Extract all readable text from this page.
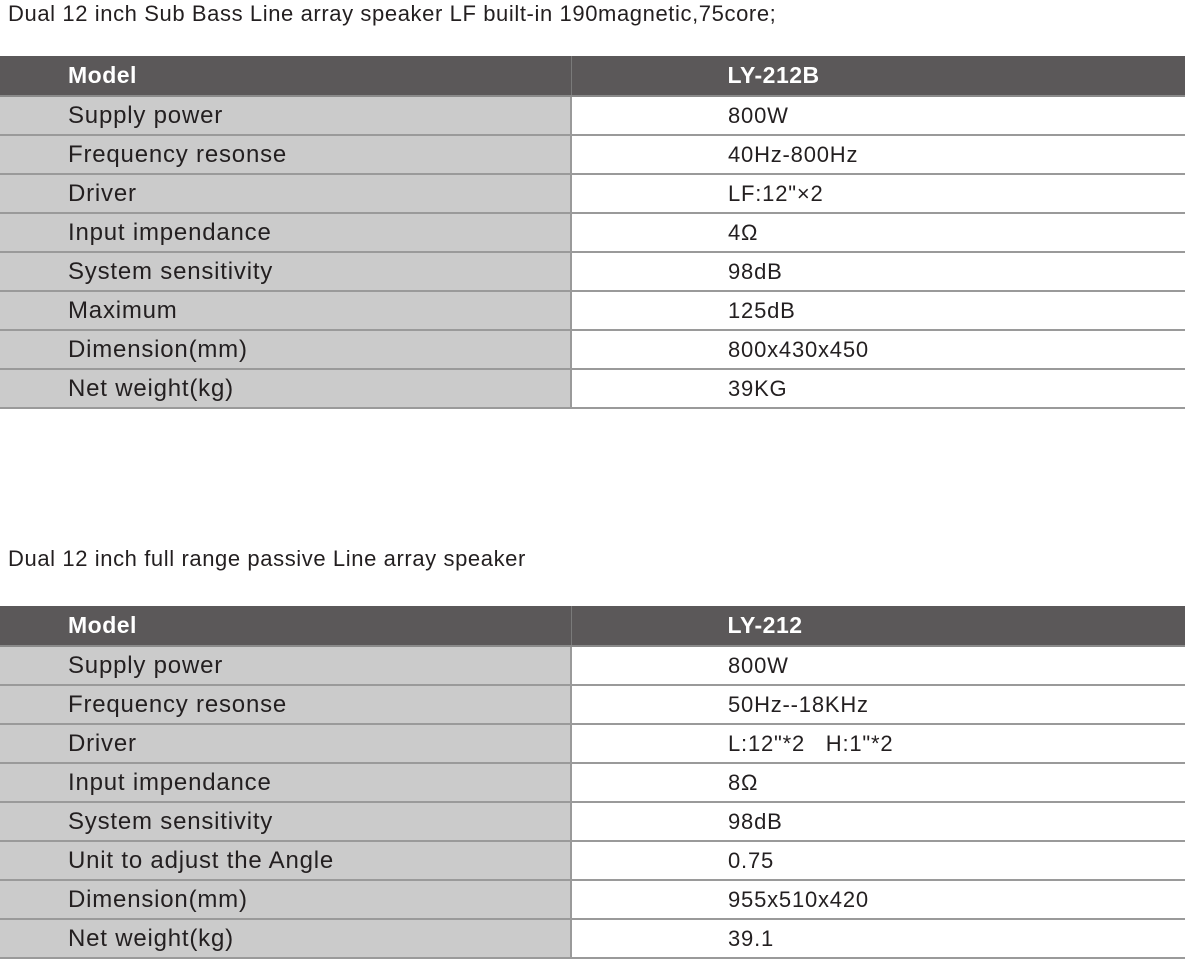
Dual 12 inch Sub Bass Line array speaker LF built-in 190magnetic,75core;
Model	LY-212B
Supply power	800W
Frequency resonse	40Hz-800Hz
Driver	LF:12"×2
Input impendance	4Ω
System sensitivity	98dB
Maximum	125dB
Dimension(mm)	800x430x450
Net weight(kg)	39KG
Dual 12 inch full range passive Line array speaker
Model	LY-212
Supply power	800W
Frequency resonse	50Hz--18KHz
Driver	L:12"*2   H:1"*2
Input impendance	8Ω
System sensitivity	98dB
Unit to adjust the Angle	0.75
Dimension(mm)	955x510x420
Net weight(kg)	39.1
